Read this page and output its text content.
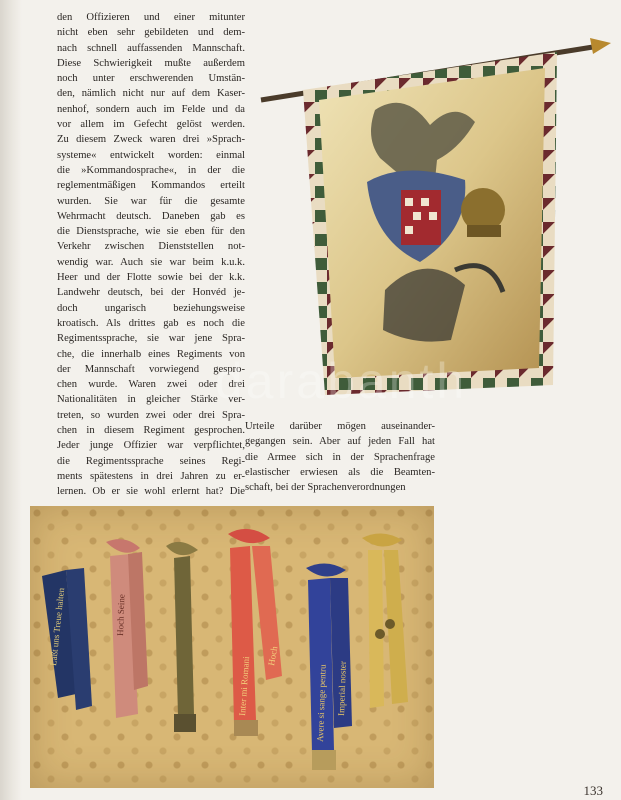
den Offizieren und einer mitunter
nicht eben sehr gebildeten und dem-
nach schnell auffassenden Mannschaft.
Diese Schwierigkeit mußte außerdem
noch unter erschwerenden Umstän-
den, nämlich nicht nur auf dem Kaser-
nenhof, sondern auch im Felde und da
vor allem im Gefecht gelöst werden.
Zu diesem Zweck waren drei »Sprach-
systeme« entwickelt worden: einmal
die »Kommandosprache«, in der die
reglementmäßigen Kommandos erteilt
wurden. Sie war für die gesamte
Wehrmacht deutsch. Daneben gab es
die Dienstsprache, wie sie eben für den
Verkehr zwischen Dienststellen not-
wendig war. Auch sie war beim k.u.k.
Heer und der Flotte sowie bei der k.k.
Landwehr deutsch, bei der Honvéd je-
doch ungarisch beziehungsweise
kroatisch. Als drittes gab es noch die
Regimentssprache, sie war jene Spra-
che, die innerhalb eines Regiments von
der Mannschaft vorwiegend gespro-
chen wurde. Waren zwei oder drei
Nationalitäten in gleicher Stärke ver-
treten, so wurden zwei oder drei Spra-
chen in diesem Regiment gesprochen.
Jeder junge Offizier war verpflichtet,
die Regimentssprache seines Regi-
ments spätestens in drei Jahren zu er-
lernen. Ob er sie wohl erlernt hat? Die
darabanth
Urteile darüber mögen auseinander-
gegangen sein. Aber auf jeden Fall hat
die Armee sich in der Sprachenfrage
elastischer erwiesen als die Beamten-
schaft, bei der Sprachenverordnungen
Laßt uns Treue halten	Hoch Seine
Inter mi Romani
Hoch
Avere si sange pentru Imperial noster
133
